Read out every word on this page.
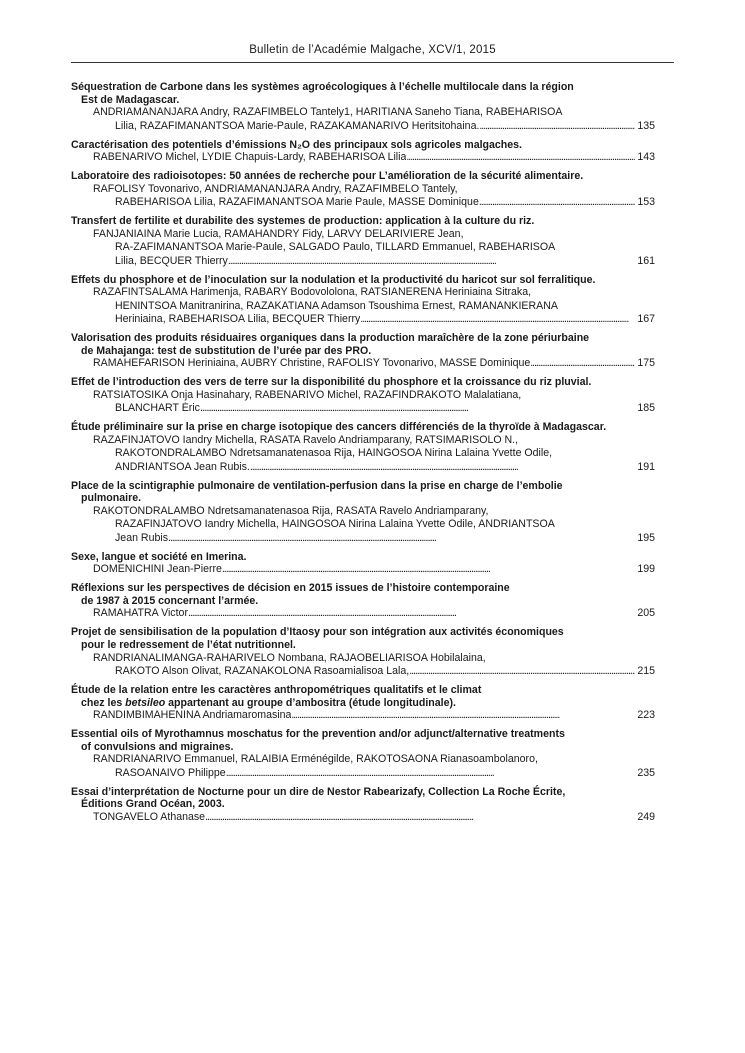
Bulletin de l’Académie Malgache, XCV/1, 2015
Séquestration de Carbone dans les systèmes agroécologiques à l’échelle multilocale dans la région
Est de Madagascar.
ANDRIAMANANJARA Andry, RAZAFIMBELO Tantely1, HARITIANA Saneho Tiana, RABEHARISOA
Lilia, RAZAFIMANANTSOA Marie-Paule, RAZAKAMANARIVO Heritsitohaina. . . .	135
Caractérisation des potentiels d’émissions N₂O des principaux sols agricoles malgaches.
RABENARIVO Michel, LYDIE Chapuis-Lardy, RABEHARISOA Lilia . . .	143
Laboratoire des radioisotopes: 50 années de recherche pour L’amélioration de la sécurité alimentaire.
RAFOLISY Tovonarivo, ANDRIAMANANJARA Andry, RAZAFIMBELO Tantely,
RABEHARISOA Lilia, RAZAFIMANANTSOA Marie Paule, MASSE Dominique . . .	153
Transfert de fertilite et durabilite des systemes de production: application à la culture du riz.
FANJANIAINA Marie Lucia, RAMAHANDRY Fidy, LARVY DELARIVIERE Jean,
RA-ZAFIMANANTSOA Marie-Paule, SALGADO Paulo, TILLARD Emmanuel, RABEHARISOA
Lilia, BECQUER Thierry . . .	161
Effets du phosphore et de l’inoculation sur la nodulation et la productivité du haricot sur sol ferralitique.
RAZAFINTSALAMA Harimenja, RABARY Bodovololona, RATSIANERENA Heriniaina Sitraka,
HENINTSOA Manitranirina, RAZAKATIANA Adamson Tsoushima Ernest, RAMANANKIERANA
Heriniaina, RABEHARISOA Lilia, BECQUER Thierry . . .	167
Valorisation des produits résiduaires organiques dans la production maraîchère de la zone périurbaine
de Mahajanga: test de substitution de l’urée par des PRO.
RAMAHEFARISON Heriniaina, AUBRY Christine, RAFOLISY Tovonarivo, MASSE Dominique . . .	175
Effet de l’introduction des vers de terre sur la disponibilité du phosphore et la croissance du riz pluvial.
RATSIATOSIKA Onja Hasinahary, RABENARIVO Michel, RAZAFINDRAKOTO Malalatiana,
BLANCHART Éric . . .	185
Étude préliminaire sur la prise en charge isotopique des cancers différenciés de la thyroïde à Madagascar.
RAZAFINJATOVO Iandry Michella, RASATA Ravelo Andriamparany, RATSIMARISOLO N.,
RAKOTONDRALAMBO Ndretsamanatenasoa Rija, HAINGOSOA Nirina Lalaina Yvette Odile,
ANDRIANTSOA Jean Rubis. . . .	191
Place de la scintigraphie pulmonaire de ventilation-perfusion dans la prise en charge de l’embolie
pulmonaire.
RAKOTONDRALAMBO Ndretsamanatenasoa Rija, RASATA Ravelo Andriamparany,
RAZAFINJATOVO Iandry Michella, HAINGOSOA Nirina Lalaina Yvette Odile, ANDRIANTSOA
Jean Rubis . . .	195
Sexe, langue et société en Imerina.
DOMENICHINI Jean-Pierre . . .	199
Réflexions sur les perspectives de décision en 2015 issues de l’histoire contemporaine
de 1987 à 2015 concernant l’armée.
RAMAHATRA Victor . . .	205
Projet de sensibilisation de la population d’Itaosy pour son intégration aux activités économiques
pour le redressement de l’état nutritionnel.
RANDRIANALIMANGA-RAHARIVELO Nombana, RAJAOBELIARISOA Hobilalaina,
RAKOTO Alson Olivat, RAZANAKOLONA Rasoamialisoa Lala, . . .	215
Étude de la relation entre les caractères anthropométriques qualitatifs et le climat
chez les betsileo appartenant au groupe d’ambositra (étude longitudinale).
RANDIMBIMAHENINA Andriamaromasina . . .	223
Essential oils of Myrothamnus moschatus for the prevention and/or adjunct/alternative treatments
of convulsions and migraines.
RANDRIANARIVO Emmanuel, RALAIBIA Erménégilde, RAKOTOSAONA Rianasoambolanoro,
RASOANAIVO Philippe . . .	235
Essai d’interprétation de Nocturne pour un dire de Nestor Rabearizafy, Collection La Roche Écrite,
Éditions Grand Océan, 2003.
TONGAVELO Athanase . . .	249
